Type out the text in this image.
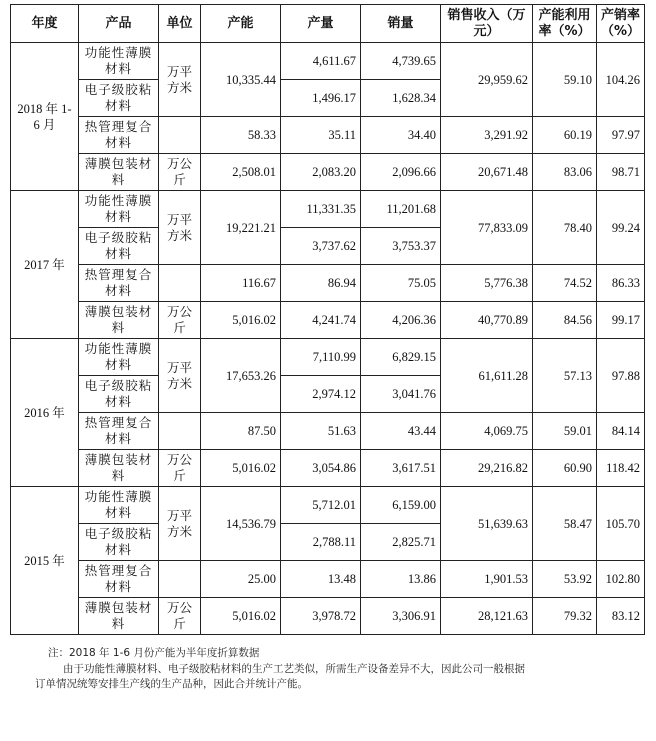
年度	产品	单位	产能	产量	销量	销售收入（万元）	产能利用率（%）	产销率（%）
2018 年 1-6 月	功能性薄膜材料	万平方米	10,335.44	4,611.67	4,739.65	29,959.62	59.10	104.26
	电子级胶粘材料			1,496.17	1,628.34			
	热管理复合材料		58.33	35.11	34.40	3,291.92	60.19	97.97
	薄膜包装材料	万公斤	2,508.01	2,083.20	2,096.66	20,671.48	83.06	98.71
2017 年	功能性薄膜材料	万平方米	19,221.21	11,331.35	11,201.68	77,833.09	78.40	99.24
	电子级胶粘材料			3,737.62	3,753.37			
	热管理复合材料		116.67	86.94	75.05	5,776.38	74.52	86.33
	薄膜包装材料	万公斤	5,016.02	4,241.74	4,206.36	40,770.89	84.56	99.17
2016 年	功能性薄膜材料	万平方米	17,653.26	7,110.99	6,829.15	61,611.28	57.13	97.88
	电子级胶粘材料			2,974.12	3,041.76			
	热管理复合材料		87.50	51.63	43.44	4,069.75	59.01	84.14
	薄膜包装材料	万公斤	5,016.02	3,054.86	3,617.51	29,216.82	60.90	118.42
2015 年	功能性薄膜材料	万平方米	14,536.79	5,712.01	6,159.00	51,639.63	58.47	105.70
	电子级胶粘材料			2,788.11	2,825.71			
	热管理复合材料		25.00	13.48	13.86	1,901.53	53.92	102.80
	薄膜包装材料	万公斤	5,016.02	3,978.72	3,306.91	28,121.63	79.32	83.12
注：2018 年 1-6 月份产能为半年度折算数据
由于功能性薄膜材料、电子级胶粘材料的生产工艺类似，所需生产设备差异不大，因此公司一般根据
订单情况统筹安排生产线的生产品种，因此合并统计产能。
